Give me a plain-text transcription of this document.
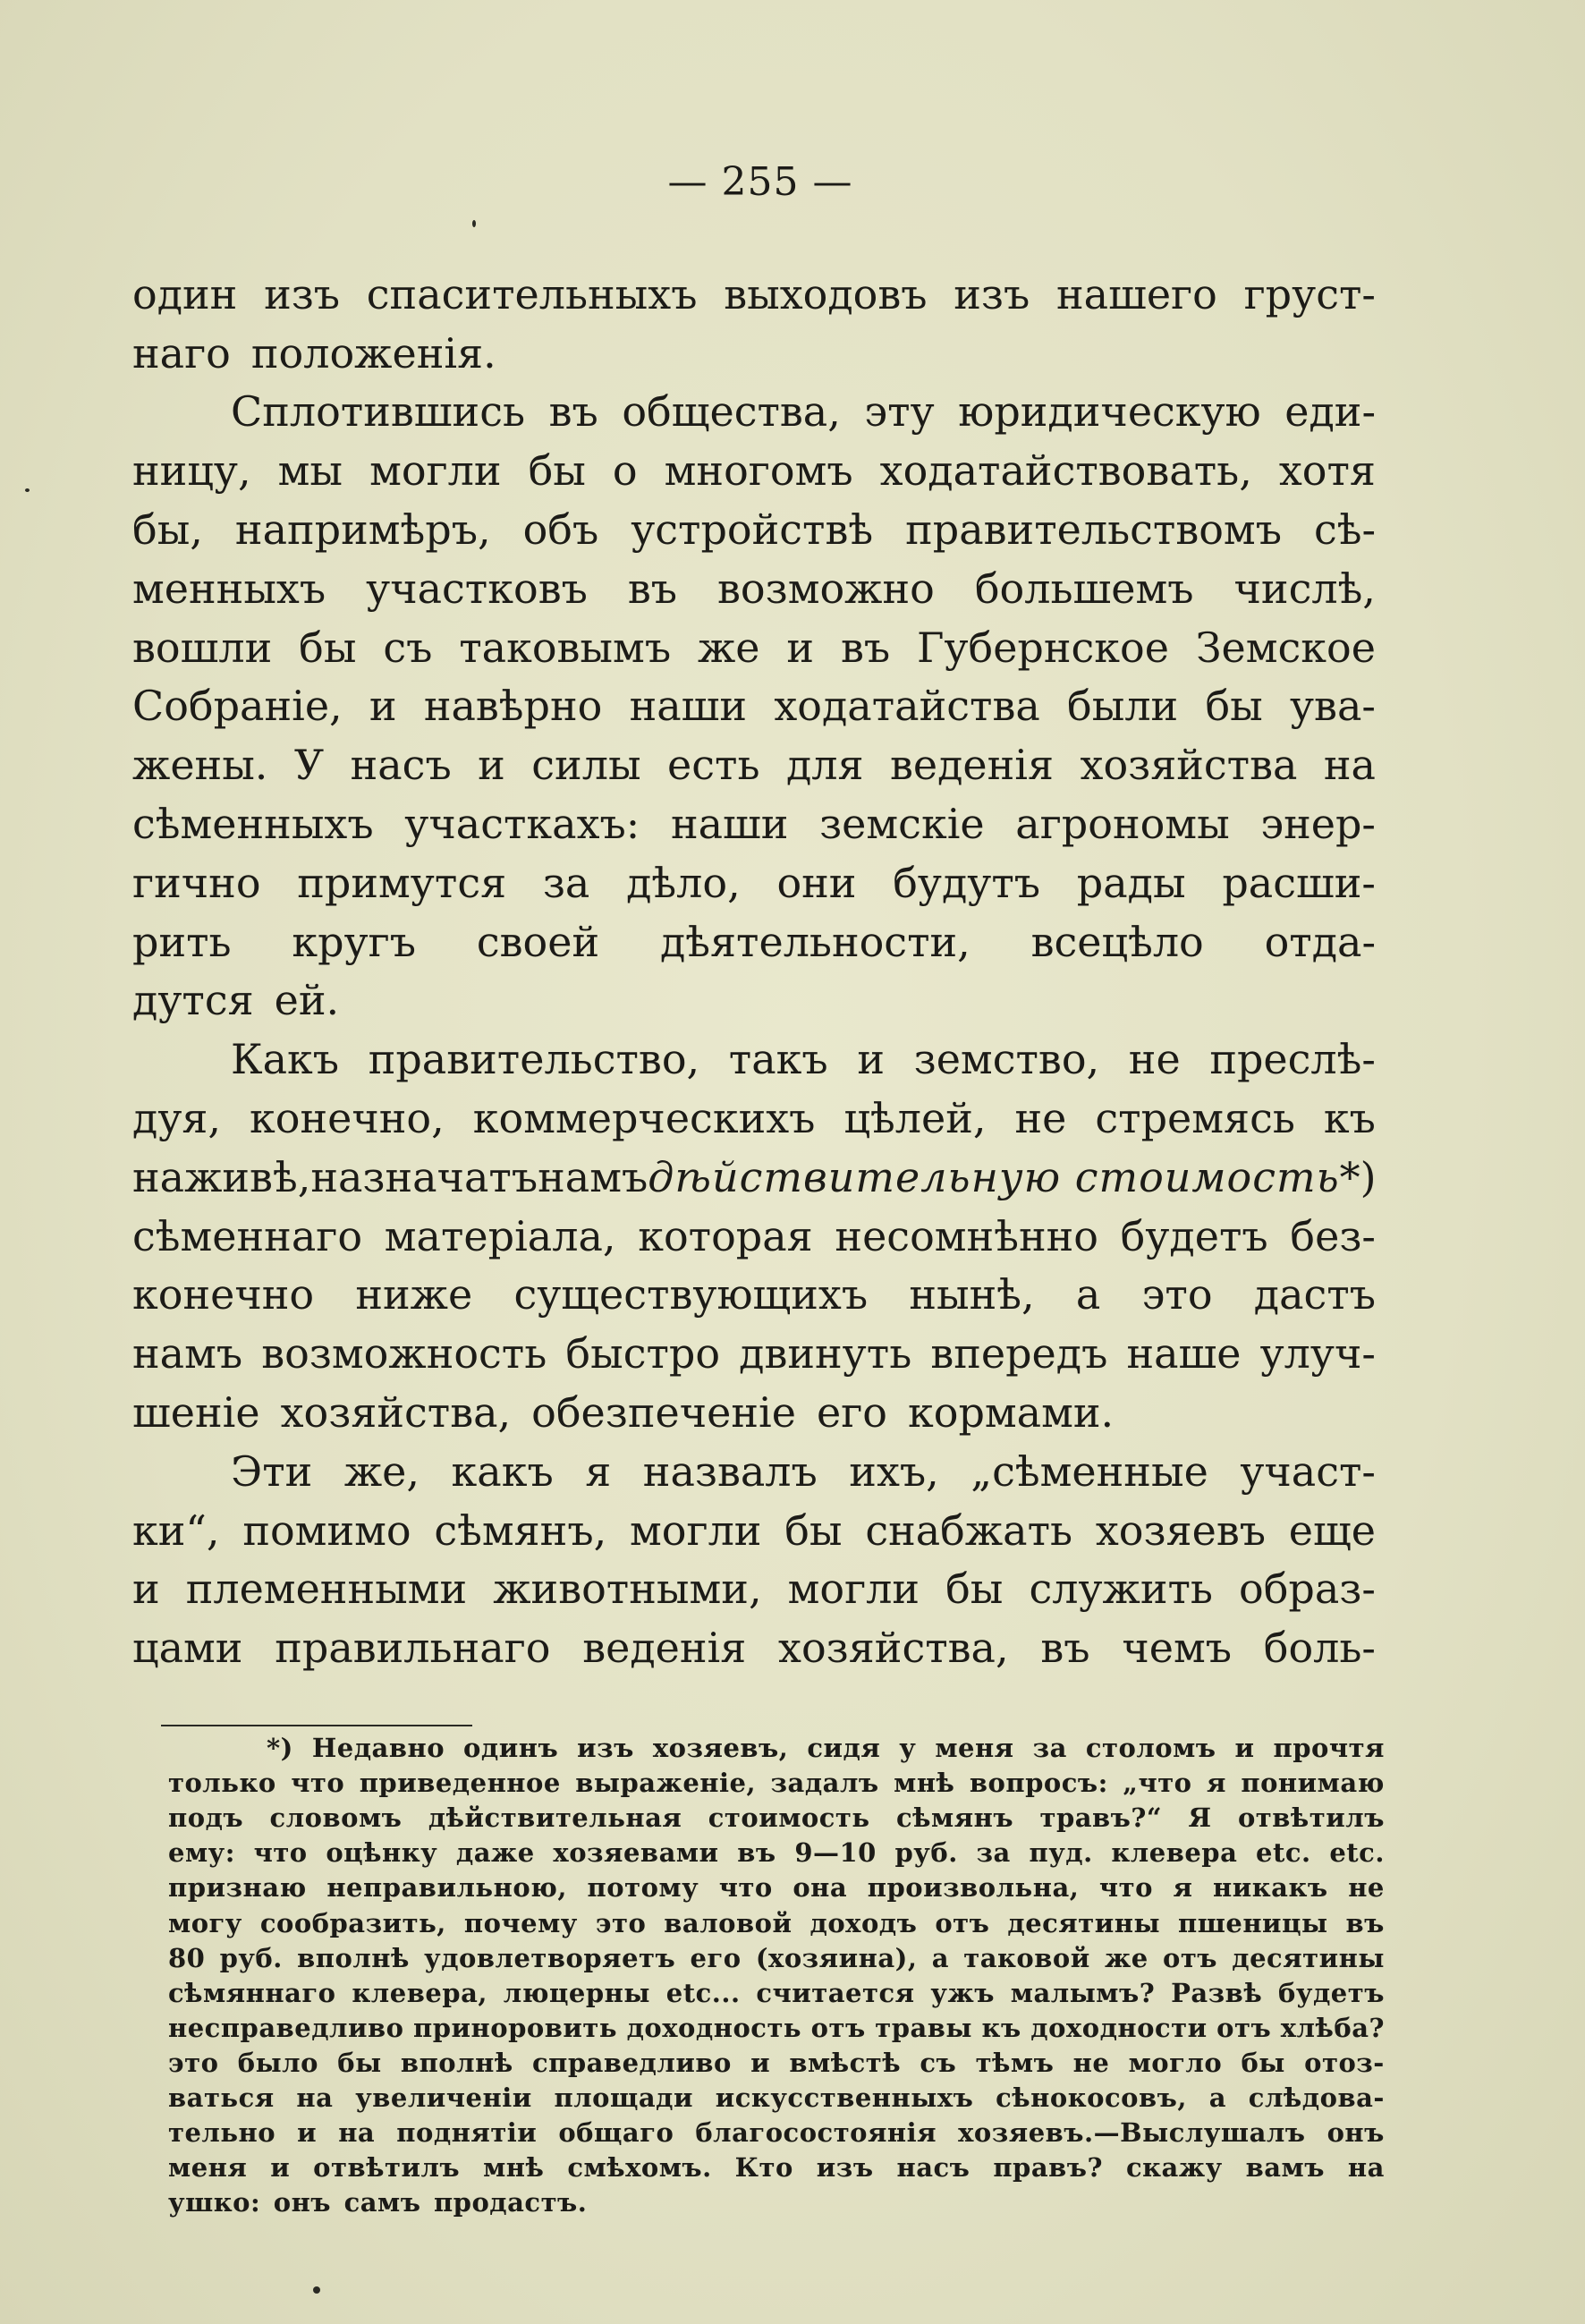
— 255 —
один изъ спасительныхъ выходовъ изъ нашего груст-
наго положенія.
Сплотившись въ общества, эту юридическую еди-
ницу, мы могли бы о многомъ ходатайствовать, хотя
бы, напримѣръ, объ устройствѣ правительствомъ сѣ-
менныхъ участковъ въ возможно большемъ числѣ,
вошли бы съ таковымъ же и въ Губернское Земское
Собраніе, и навѣрно наши ходатайства были бы ува-
жены. У насъ и силы есть для веденія хозяйства на
сѣменныхъ участкахъ: наши земскіе агрономы энер-
гично примутся за дѣло, они будутъ рады расши-
рить кругъ своей дѣятельности, всецѣло отда-
дутся ей.
Какъ правительство, такъ и земство, не преслѣ-
дуя, конечно, коммерческихъ цѣлей, не стремясь къ
наживѣ, назначатъ намъ дѣйствительную стоимость *)
сѣменнаго матеріала, которая несомнѣнно будетъ без-
конечно ниже существующихъ нынѣ, а это дастъ
намъ возможность быстро двинуть впередъ наше улуч-
шеніе хозяйства, обезпеченіе его кормами.
Эти же, какъ я назвалъ ихъ, „сѣменные участ-
ки“, помимо сѣмянъ, могли бы снабжать хозяевъ еще
и племенными животными, могли бы служить образ-
цами правильнаго веденія хозяйства, въ чемъ боль-
*) Недавно одинъ изъ хозяевъ, сидя у меня за столомъ и прочтя
только что приведенное выраженіе, задалъ мнѣ вопросъ: „что я понимаю
подъ словомъ дѣйствительная стоимость сѣмянъ травъ?“ Я отвѣтилъ
ему: что оцѣнку даже хозяевами въ 9—10 руб. за пуд. клевера etc. etc.
признаю неправильною, потому что она произвольна, что я никакъ не
могу сообразить, почему это валовой доходъ отъ десятины пшеницы въ
80 руб. вполнѣ удовлетворяетъ его (хозяина), а таковой же отъ десятины
сѣмяннаго клевера, люцерны etc... считается ужъ малымъ? Развѣ будетъ
несправедливо приноровить доходность отъ травы къ доходности отъ хлѣба?
это было бы вполнѣ справедливо и вмѣстѣ съ тѣмъ не могло бы отоз-
ваться на увеличеніи площади искусственныхъ сѣнокосовъ, а слѣдова-
тельно и на поднятіи общаго благосостоянія хозяевъ.—Выслушалъ онъ
меня и отвѣтилъ мнѣ смѣхомъ. Кто изъ насъ правъ? скажу вамъ на
ушко: онъ самъ продастъ.
